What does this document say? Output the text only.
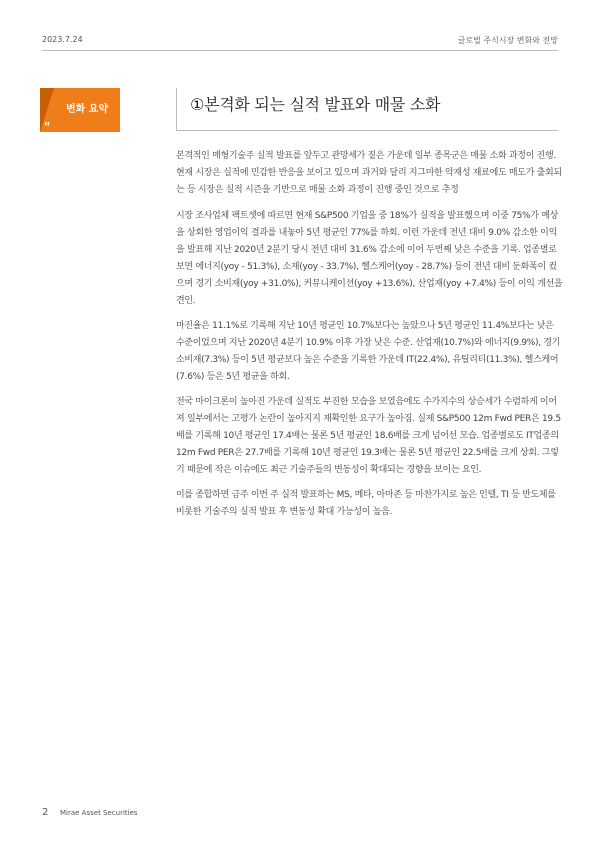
2023.7.24	글로벌 주식시장 변화와 전망
변화 요약
"
①본격화 되는 실적 발표와 매물 소화

본격적인 매형기술주 실적 발표를 앞두고 관망세가 짙은 가운데 일부 종목군은 매물 소화 과정이 진행. 현재 시장은 실적에 민감한 반응을 보이고 있으며 과거와 달리 지그마한 악재성 재료에도 매도가 출회되는 등 시장은 실적 시즌을 기반으로 매물 소화 과정이 진행 중인 것으로 추정

시장 조사업체 팩트셋에 따르면 현재 S&P500 기업을 중 18%가 실적을 발표했으며 이중 75%가 예상을 상회한 영업이익 결과를 내놓아 5년 평균인 77%를 하회. 이런 가운데 전년 대비 9.0% 감소한 이익을 발표해 지난 2020년 2분기 당시 전년 대비 31.6% 감소에 이어 두번째 낮은 수준을 기록. 업종별로 보면 에너지(yoy - 51.3%), 소재(yoy - 33.7%), 헬스케어(yoy - 28.7%) 등이 전년 대비 둔화폭이 컸으며 경기 소비재(yoy +31.0%), 커뮤니케이션(yoy +13.6%), 산업재(yoy +7.4%) 등이 이익 개선을 견인.

마진율은 11.1%로 기록해 지난 10년 평균인 10.7%보다는 높았으나 5년 평균인 11.4%보다는 낮은 수준이었으며 지난 2020년 4분기 10.9% 이후 가장 낮은 수준. 산업재(10.7%)와 에너지(9.9%), 경기 소비재(7.3%) 등이 5년 평균보다 높은 수준을 기록한 가운데 IT(22.4%), 유틸리티(11.3%), 헬스케어(7.6%) 등은 5년 평균을 하회.

전국 마이크론이 높아진 가운데 실적도 부진한 모습을 보였음에도 수가지수의 상승세가 수렴하게 이어져 일부에서는 고평가 논란이 높아지지 재확인한 요구가 높아짐. 실제 S&P500 12m Fwd PER은 19.5배를 기록해 10년 평균인 17.4배는 물론 5년 평균인 18.6배를 크게 넘어선 모습. 업종별로도 IT업종의 12m Fwd PER은 27.7배를 기록해 10년 평균인 19.3배는 물론 5년 평균인 22.5배를 크게 상회. 그렇기 때문에 작은 이슈에도 최근 기술주들의 변동성이 확대되는 경향을 보이는 요인.

이를 종합하면 금주 이번 주 실적 발표하는 MS, 메타, 아마존 등 마찬가지로 높은 인텔, TI 등 반도체를 비롯한 기술주의 실적 발표 후 변동성 확대 가능성이 높음.

2 Mirae Asset Securities
